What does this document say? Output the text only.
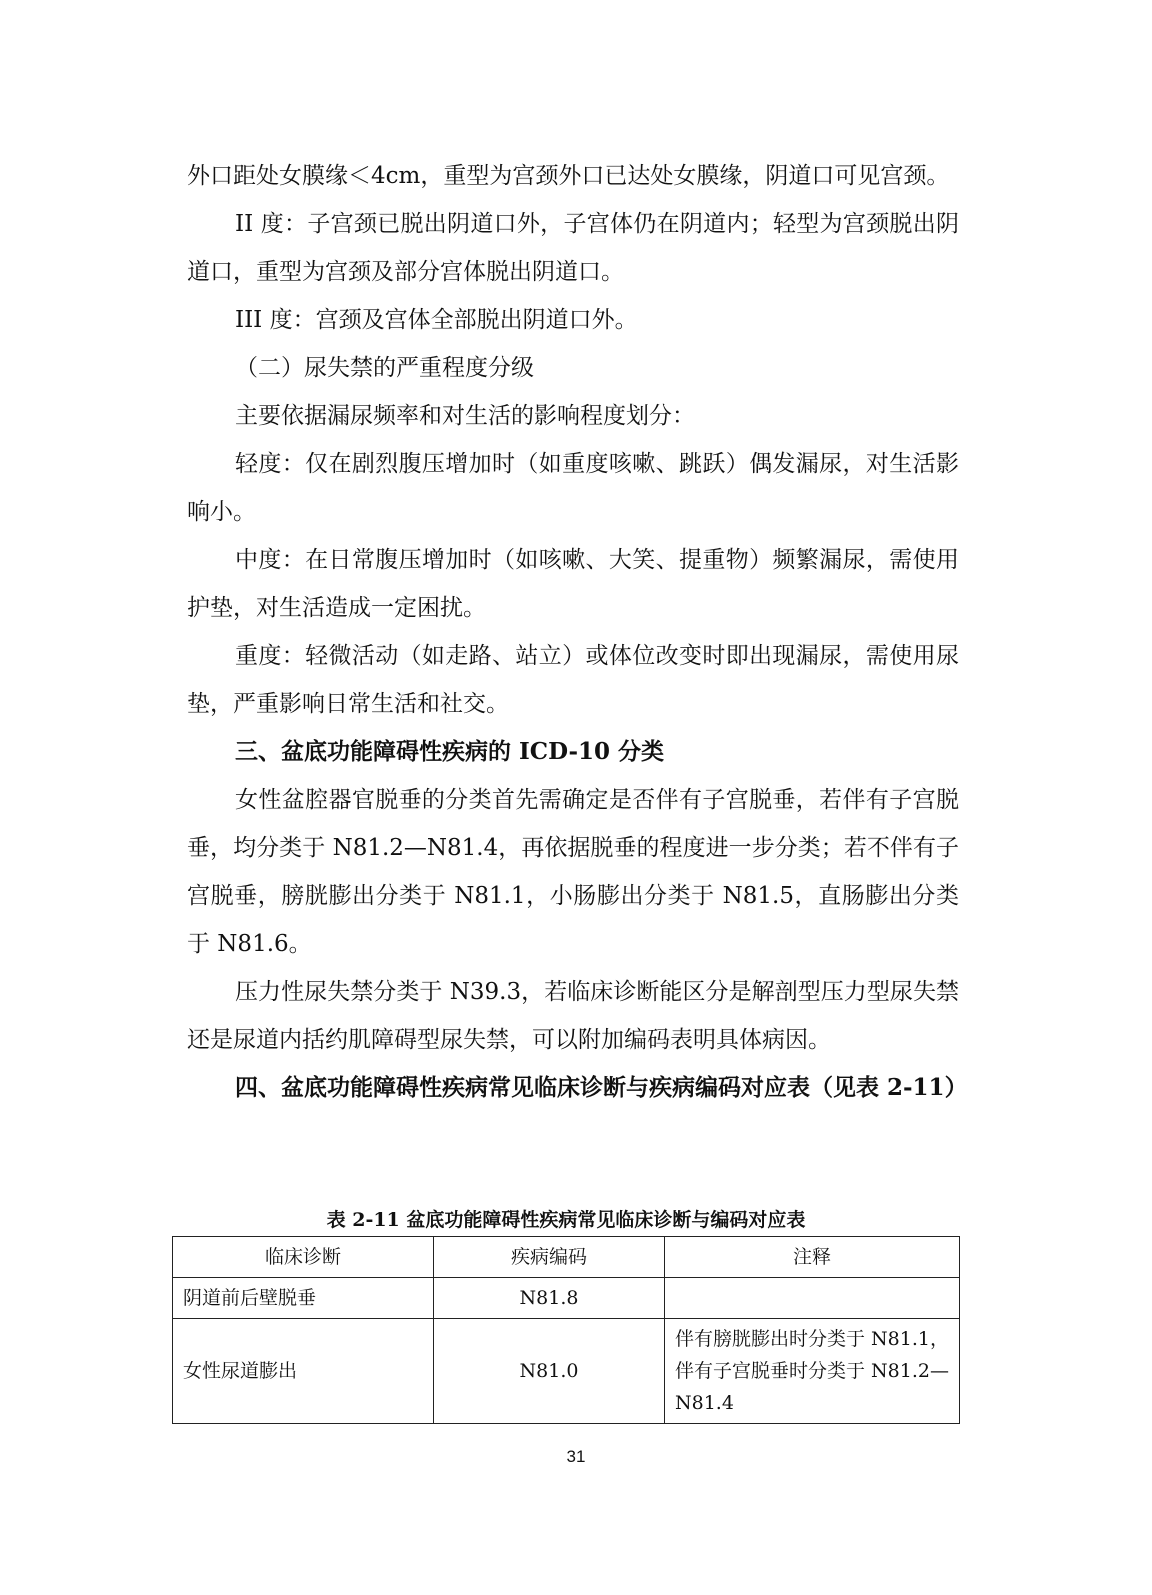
外口距处女膜缘＜4cm，重型为宫颈外口已达处女膜缘，阴道口可见宫颈。

II 度：子宫颈已脱出阴道口外，子宫体仍在阴道内；轻型为宫颈脱出阴道口，重型为宫颈及部分宫体脱出阴道口。

III 度：宫颈及宫体全部脱出阴道口外。

（二）尿失禁的严重程度分级

主要依据漏尿频率和对生活的影响程度划分：

轻度：仅在剧烈腹压增加时（如重度咳嗽、跳跃）偶发漏尿，对生活影响小。

中度：在日常腹压增加时（如咳嗽、大笑、提重物）频繁漏尿，需使用护垫，对生活造成一定困扰。

重度：轻微活动（如走路、站立）或体位改变时即出现漏尿，需使用尿垫，严重影响日常生活和社交。

三、盆底功能障碍性疾病的 ICD-10 分类

女性盆腔器官脱垂的分类首先需确定是否伴有子宫脱垂，若伴有子宫脱垂，均分类于 N81.2—N81.4，再依据脱垂的程度进一步分类；若不伴有子宫脱垂，膀胱膨出分类于 N81.1，小肠膨出分类于 N81.5，直肠膨出分类于 N81.6。

压力性尿失禁分类于 N39.3，若临床诊断能区分是解剖型压力型尿失禁还是尿道内括约肌障碍型尿失禁，可以附加编码表明具体病因。

四、盆底功能障碍性疾病常见临床诊断与疾病编码对应表（见表 2-11）

表 2-11 盆底功能障碍性疾病常见临床诊断与编码对应表
临床诊断	疾病编码	注释
阴道前后壁脱垂	N81.8	
女性尿道膨出	N81.0	伴有膀胱膨出时分类于 N81.1，伴有子宫脱垂时分类于 N81.2—N81.4
31
